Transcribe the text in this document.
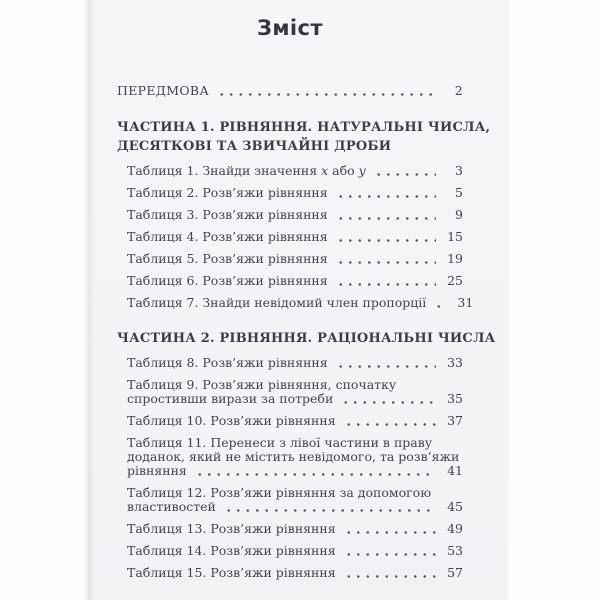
Зміст
ПЕРЕДМОВА	2
ЧАСТИНА 1. РІВНЯННЯ. НАТУРАЛЬНІ ЧИСЛА,
ДЕСЯТКОВІ ТА ЗВИЧАЙНІ ДРОБИ
Таблиця 1. Знайди значення x або y	3
Таблиця 2. Розв’яжи рівняння	5
Таблиця 3. Розв’яжи рівняння	9
Таблиця 4. Розв’яжи рівняння	15
Таблиця 5. Розв’яжи рівняння	19
Таблиця 6. Розв’яжи рівняння	25
Таблиця 7. Знайди невідомий член пропорції	31
ЧАСТИНА 2. РІВНЯННЯ. РАЦІОНАЛЬНІ ЧИСЛА
Таблиця 8. Розв’яжи рівняння	33
Таблиця 9. Розв’яжи рівняння, спочатку
спростивши вирази за потреби	35
Таблиця 10. Розв’яжи рівняння	37
Таблиця 11. Перенеси з лівої частини в праву
доданок, який не містить невідомого, та розв’яжи
рівняння	41
Таблиця 12. Розв’яжи рівняння за допомогою
властивостей	45
Таблиця 13. Розв’яжи рівняння	49
Таблиця 14. Розв’яжи рівняння	53
Таблиця 15. Розв’яжи рівняння	57
